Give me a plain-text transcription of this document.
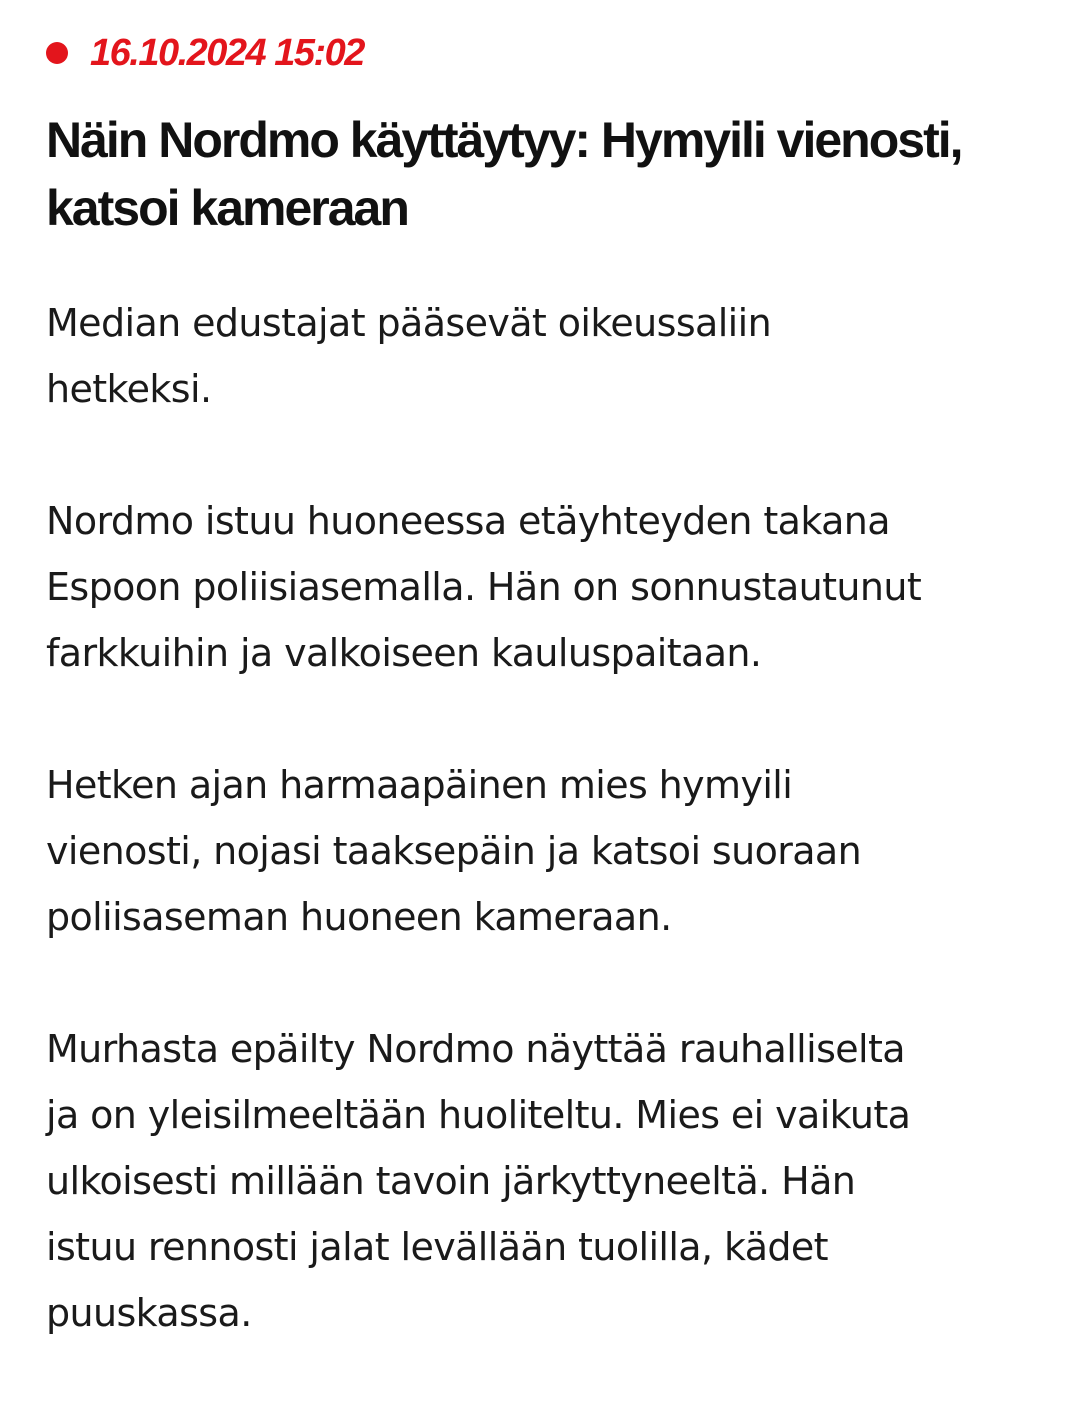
16.10.2024 15:02
Näin Nordmo käyttäytyy: Hymyili vienosti,
katsoi kameraan

Median edustajat pääsevät oikeussaliin
hetkeksi.

Nordmo istuu huoneessa etäyhteyden takana
Espoon poliisiasemalla. Hän on sonnustautunut
farkkuihin ja valkoiseen kauluspaitaan.

Hetken ajan harmaapäinen mies hymyili
vienosti, nojasi taaksepäin ja katsoi suoraan
poliisaseman huoneen kameraan.

Murhasta epäilty Nordmo näyttää rauhalliselta
ja on yleisilmeeltään huoliteltu. Mies ei vaikuta
ulkoisesti millään tavoin järkyttyneeltä. Hän
istuu rennosti jalat levällään tuolilla, kädet
puuskassa.
